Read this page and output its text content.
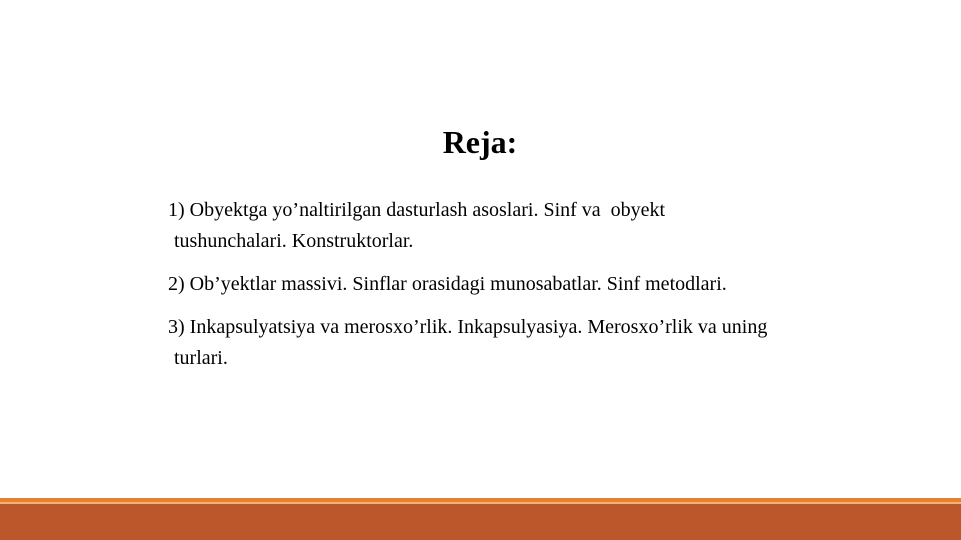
Reja:
1) Obyektga yo’naltirilgan dasturlash asoslari. Sinf va  obyekt
tushunchalari. Konstruktorlar.
2) Ob’yektlar massivi. Sinflar orasidagi munosabatlar. Sinf metodlari.
3) Inkapsulyatsiya va merosxo’rlik. Inkapsulyasiya. Merosxo’rlik va uning
turlari.
